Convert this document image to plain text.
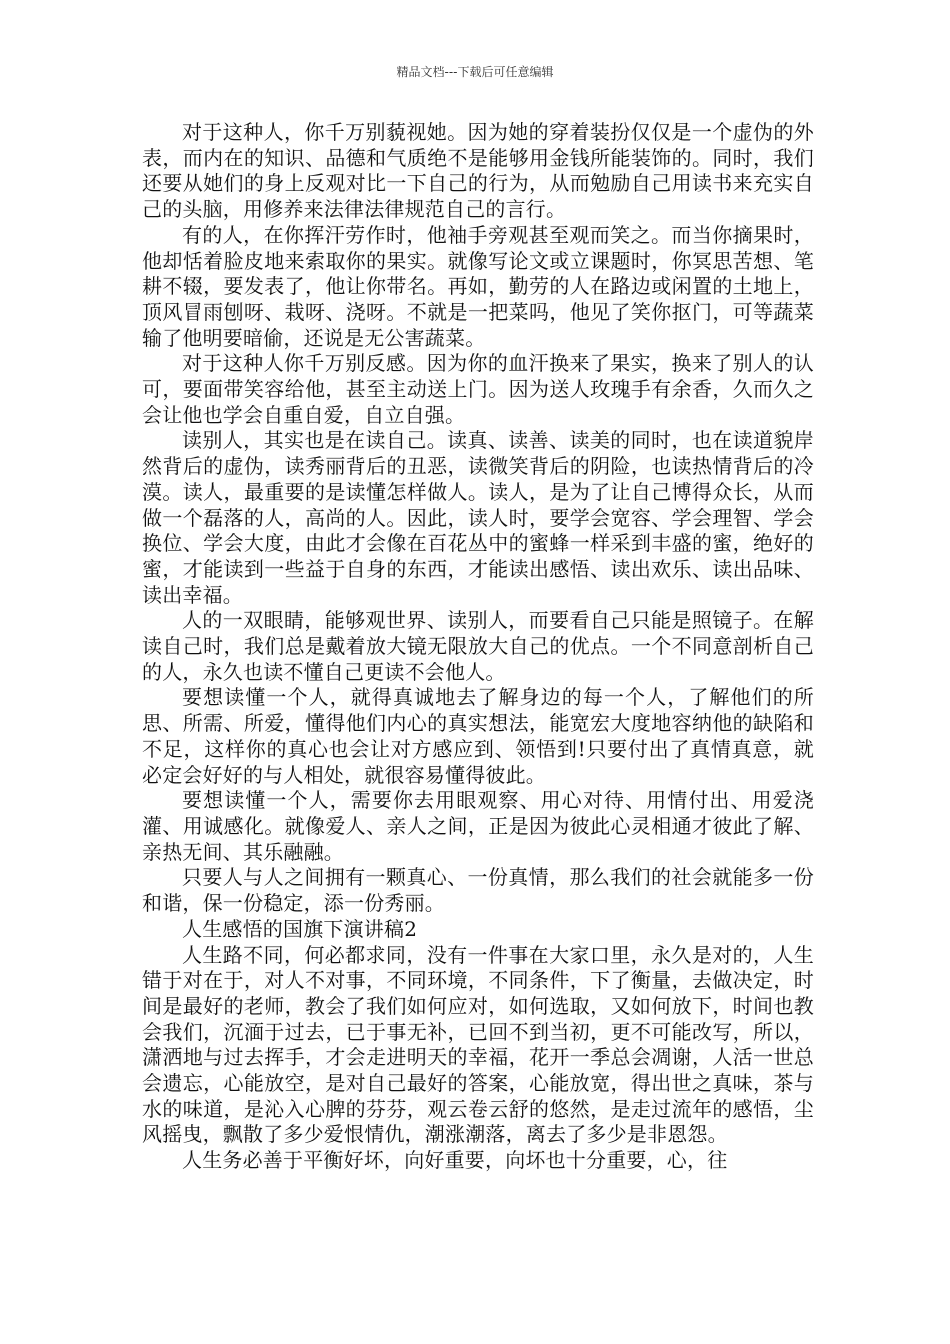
精品文档---下载后可任意编辑

对于这种人，你千万别藐视她。因为她的穿着装扮仅仅是一个虚伪的外表，而内在的知识、品德和气质绝不是能够用金钱所能装饰的。同时，我们还要从她们的身上反观对比一下自己的行为，从而勉励自己用读书来充实自己的头脑，用修养来法律法律规范自己的言行。

有的人，在你挥汗劳作时，他袖手旁观甚至观而笑之。而当你摘果时，他却恬着脸皮地来索取你的果实。就像写论文或立课题时，你冥思苦想、笔耕不辍，要发表了，他让你带名。再如，勤劳的人在路边或闲置的土地上，顶风冒雨刨呀、栽呀、浇呀。不就是一把菜吗，他见了笑你抠门，可等蔬菜输了他明要暗偷，还说是无公害蔬菜。

对于这种人你千万别反感。因为你的血汗换来了果实，换来了别人的认可，要面带笑容给他，甚至主动送上门。因为送人玫瑰手有余香，久而久之会让他也学会自重自爱，自立自强。

读别人，其实也是在读自己。读真、读善、读美的同时，也在读道貌岸然背后的虚伪，读秀丽背后的丑恶，读微笑背后的阴险，也读热情背后的冷漠。读人，最重要的是读懂怎样做人。读人，是为了让自己博得众长，从而做一个磊落的人，高尚的人。因此，读人时，要学会宽容、学会理智、学会换位、学会大度，由此才会像在百花丛中的蜜蜂一样采到丰盛的蜜，绝好的蜜，才能读到一些益于自身的东西，才能读出感悟、读出欢乐、读出品味、读出幸福。

人的一双眼睛，能够观世界、读别人，而要看自己只能是照镜子。在解读自己时，我们总是戴着放大镜无限放大自己的优点。一个不同意剖析自己的人，永久也读不懂自己更读不会他人。

要想读懂一个人，就得真诚地去了解身边的每一个人，了解他们的所思、所需、所爱，懂得他们内心的真实想法，能宽宏大度地容纳他的缺陷和不足，这样你的真心也会让对方感应到、领悟到!只要付出了真情真意，就必定会好好的与人相处，就很容易懂得彼此。

要想读懂一个人，需要你去用眼观察、用心对待、用情付出、用爱浇灌、用诚感化。就像爱人、亲人之间，正是因为彼此心灵相通才彼此了解、亲热无间、其乐融融。

只要人与人之间拥有一颗真心、一份真情，那么我们的社会就能多一份和谐，保一份稳定，添一份秀丽。

人生感悟的国旗下演讲稿2

人生路不同，何必都求同，没有一件事在大家口里，永久是对的，人生错于对在于，对人不对事，不同环境，不同条件，下了衡量，去做决定，时间是最好的老师，教会了我们如何应对，如何选取，又如何放下，时间也教会我们，沉湎于过去，已于事无补，已回不到当初，更不可能改写，所以，潇洒地与过去挥手，才会走进明天的幸福，花开一季总会凋谢，人活一世总会遗忘，心能放空，是对自己最好的答案，心能放宽，得出世之真味，茶与水的味道，是沁入心脾的芬芬，观云卷云舒的悠然，是走过流年的感悟，尘风摇曳，飘散了多少爱恨情仇，潮涨潮落，离去了多少是非恩怨。

人生务必善于平衡好坏，向好重要，向坏也十分重要，心，往
